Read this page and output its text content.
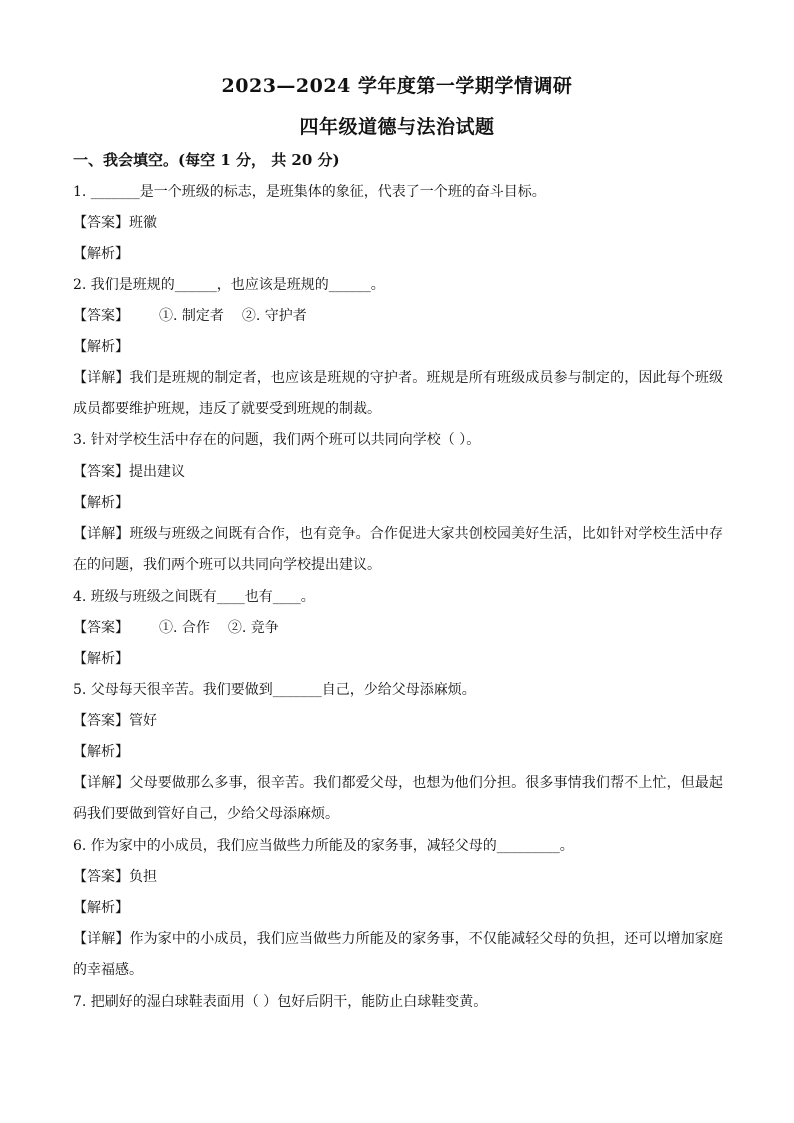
2023—2024 学年度第一学期学情调研
四年级道德与法治试题
一、我会填空。(每空 1 分， 共 20 分)
1. _______是一个班级的标志，是班集体的象征，代表了一个班的奋斗目标。
【答案】班徽
【解析】
2. 我们是班规的______，也应该是班规的______。
【答案】 ①. 制定者 ②. 守护者
【解析】
【详解】我们是班规的制定者，也应该是班规的守护者。班规是所有班级成员参与制定的，因此每个班级
成员都要维护班规，违反了就要受到班规的制裁。
3. 针对学校生活中存在的问题，我们两个班可以共同向学校（ ）。
【答案】提出建议
【解析】
【详解】班级与班级之间既有合作，也有竞争。合作促进大家共创校园美好生活，比如针对学校生活中存
在的问题，我们两个班可以共同向学校提出建议。
4. 班级与班级之间既有____也有____。
【答案】 ①. 合作 ②. 竞争
【解析】
5. 父母每天很辛苦。我们要做到_______自己，少给父母添麻烦。
【答案】管好
【解析】
【详解】父母要做那么多事，很辛苦。我们都爱父母，也想为他们分担。很多事情我们帮不上忙，但最起
码我们要做到管好自己，少给父母添麻烦。
6. 作为家中的小成员，我们应当做些力所能及的家务事，减轻父母的_________。
【答案】负担
【解析】
【详解】作为家中的小成员，我们应当做些力所能及的家务事，不仅能减轻父母的负担，还可以增加家庭
的幸福感。
7. 把刷好的湿白球鞋表面用（ ）包好后阴干，能防止白球鞋变黄。
